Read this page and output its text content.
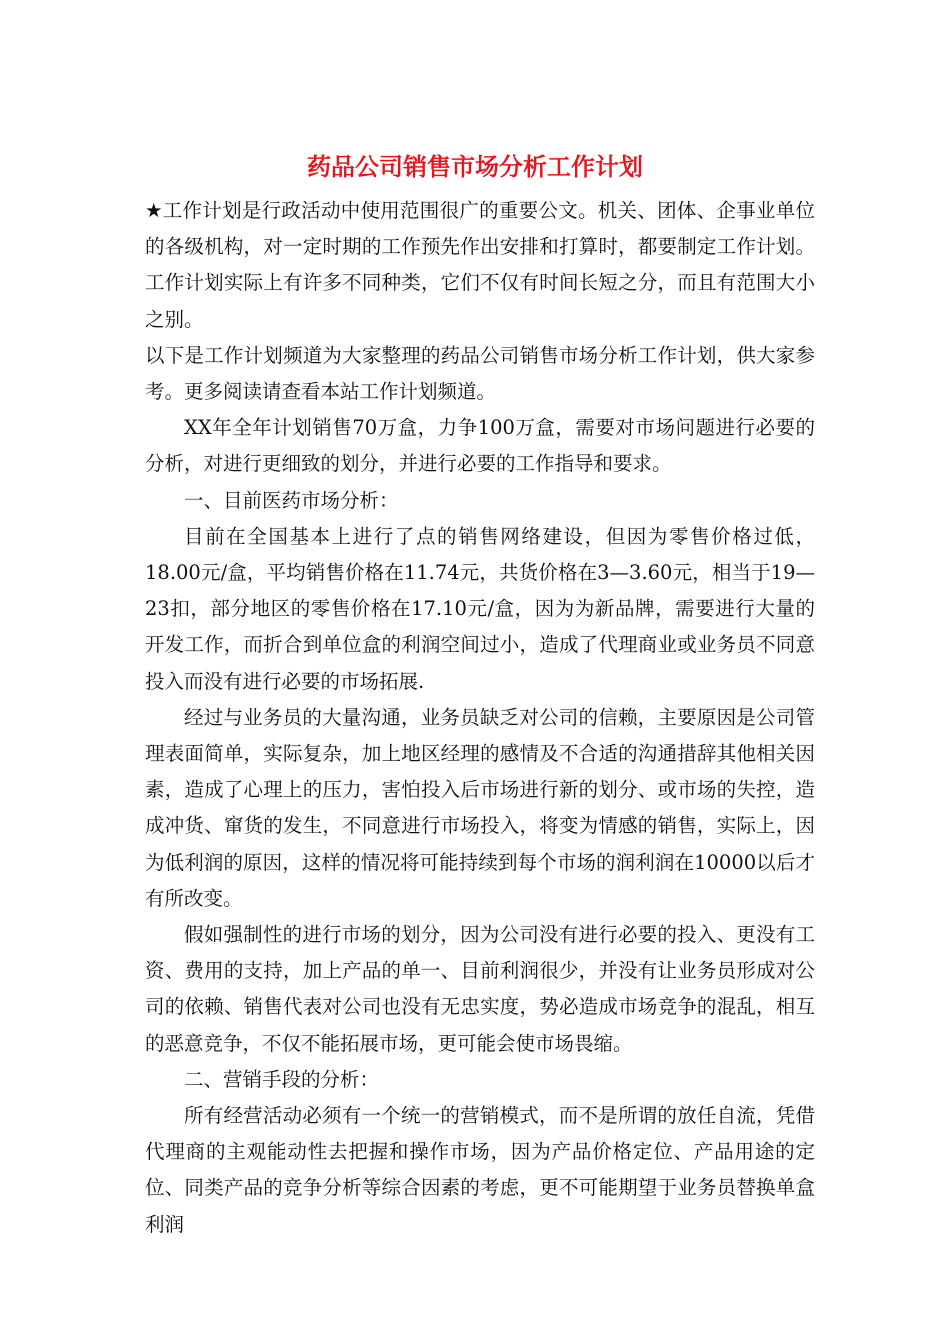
药品公司销售市场分析工作计划

★工作计划是行政活动中使用范围很广的重要公文。机关、团体、企事业单位的各级机构，对一定时期的工作预先作出安排和打算时，都要制定工作计划。工作计划实际上有许多不同种类，它们不仅有时间长短之分，而且有范围大小之别。

以下是工作计划频道为大家整理的药品公司销售市场分析工作计划，供大家参考。更多阅读请查看本站工作计划频道。

XX年全年计划销售70万盒，力争100万盒，需要对市场问题进行必要的分析，对进行更细致的划分，并进行必要的工作指导和要求。

一、目前医药市场分析：

目前在全国基本上进行了点的销售网络建设，但因为零售价格过低，18.00元/盒，平均销售价格在11.74元，共货价格在3—3.60元，相当于19—23扣，部分地区的零售价格在17.10元/盒，因为为新品牌，需要进行大量的开发工作，而折合到单位盒的利润空间过小，造成了代理商业或业务员不同意投入而没有进行必要的市场拓展.

经过与业务员的大量沟通，业务员缺乏对公司的信赖，主要原因是公司管理表面简单，实际复杂，加上地区经理的感情及不合适的沟通措辞其他相关因素，造成了心理上的压力，害怕投入后市场进行新的划分、或市场的失控，造成冲货、窜货的发生，不同意进行市场投入，将变为情感的销售，实际上，因为低利润的原因，这样的情况将可能持续到每个市场的润利润在10000以后才有所改变。

假如强制性的进行市场的划分，因为公司没有进行必要的投入、更没有工资、费用的支持，加上产品的单一、目前利润很少，并没有让业务员形成对公司的依赖、销售代表对公司也没有无忠实度，势必造成市场竞争的混乱，相互的恶意竞争，不仅不能拓展市场，更可能会使市场畏缩。

二、营销手段的分析：

所有经营活动必须有一个统一的营销模式，而不是所谓的放任自流，凭借代理商的主观能动性去把握和操作市场，因为产品价格定位、产品用途的定位、同类产品的竞争分析等综合因素的考虑，更不可能期望于业务员替换单盒利润
